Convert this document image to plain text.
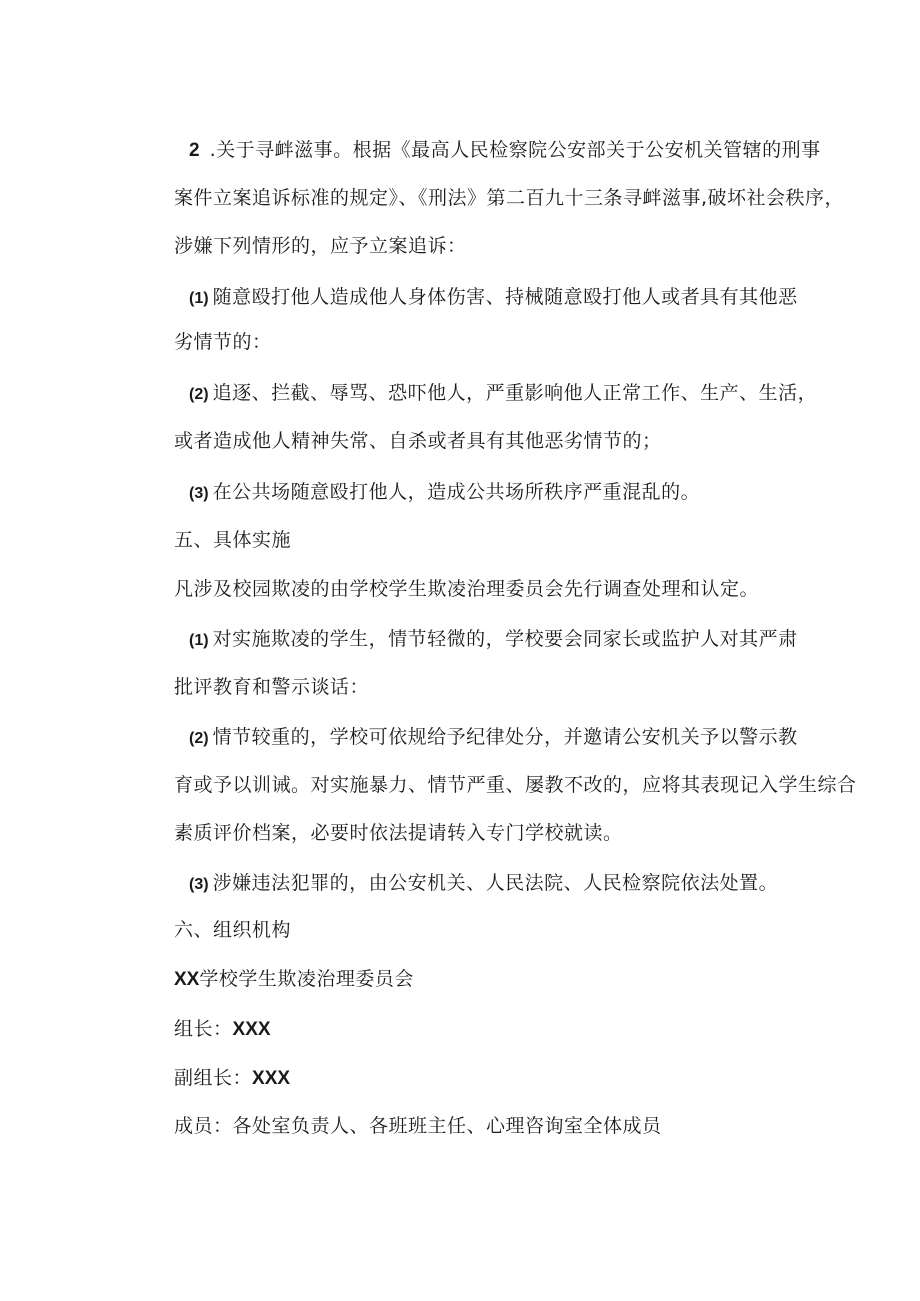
2 .关于寻衅滋事。根据《最高人民检察院公安部关于公安机关管辖的刑事
案件立案追诉标准的规定》、《刑法》第二百九十三条寻衅滋事,破坏社会秩序，
涉嫌下列情形的，应予立案追诉：
(1) 随意殴打他人造成他人身体伤害、持械随意殴打他人或者具有其他恶
劣情节的：
(2) 追逐、拦截、辱骂、恐吓他人，严重影响他人正常工作、生产、生活，
或者造成他人精神失常、自杀或者具有其他恶劣情节的；
(3) 在公共场随意殴打他人，造成公共场所秩序严重混乱的。
五、具体实施
凡涉及校园欺凌的由学校学生欺凌治理委员会先行调查处理和认定。
(1) 对实施欺凌的学生，情节轻微的，学校要会同家长或监护人对其严肃
批评教育和警示谈话：
(2) 情节较重的，学校可依规给予纪律处分，并邀请公安机关予以警示教
育或予以训诫。对实施暴力、情节严重、屡教不改的，应将其表现记入学生综合
素质评价档案，必要时依法提请转入专门学校就读。
(3) 涉嫌违法犯罪的，由公安机关、人民法院、人民检察院依法处置。
六、组织机构
XX学校学生欺凌治理委员会
组长：XXX
副组长：XXX
成员：各处室负责人、各班班主任、心理咨询室全体成员
